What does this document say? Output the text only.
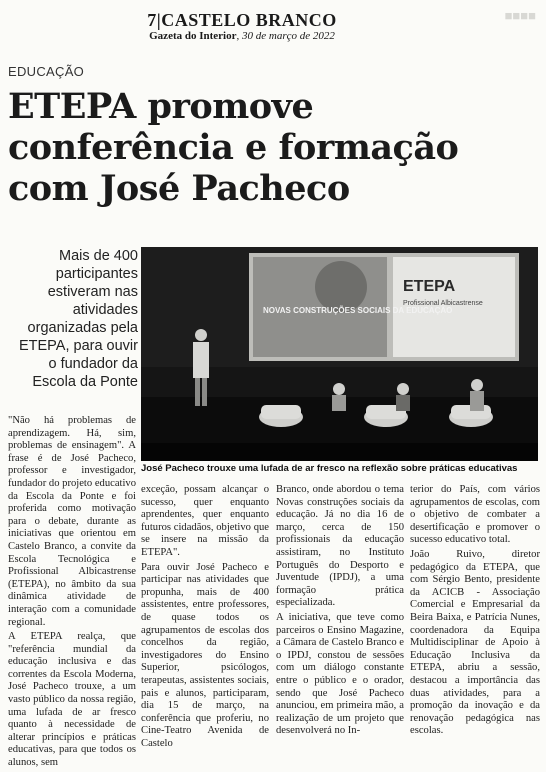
■■■■

7|CASTELO BRANCO
Gazeta do Interior, 30 de março de 2022
EDUCAÇÃO
ETEPA promove
conferência e formação
com José Pacheco
Mais de 400 participantes estiveram nas atividades organizadas pela ETEPA, para ouvir o fundador da Escola da Ponte
NOVAS CONSTRUÇÕES SOCIAIS DA EDUCAÇÃO
ETEPA
Profissional Albicastrense
José Pacheco trouxe uma lufada de ar fresco na reflexão sobre práticas educativas

"Não há problemas de aprendizagem. Há, sim, problemas de ensinagem". A frase é de José Pacheco, professor e investigador, fundador do projeto educativo da Escola da Ponte e foi proferida como motivação para o debate, durante as iniciativas que orientou em Castelo Branco, a convite da Escola Tecnológica e Profissional Albicastrense (ETEPA), no âmbito da sua dinâmica atividade de interação com a comunidade regional.

A ETEPA realça, que "referência mundial da educação inclusiva e das correntes da Escola Moderna, José Pacheco trouxe, a um vasto público da nossa região, uma lufada de ar fresco quanto à necessidade de alterar princípios e práticas educativas, para que todos os alunos, sem

exceção, possam alcançar o sucesso, quer enquanto aprendentes, quer enquanto futuros cidadãos, objetivo que se insere na missão da ETEPA".

Para ouvir José Pacheco e participar nas atividades que propunha, mais de 400 assistentes, entre professores, de quase todos os agrupamentos de escolas dos concelhos da região, investigadores do Ensino Superior, psicólogos, terapeutas, assistentes sociais, pais e alunos, participaram, dia 15 de março, na conferência que proferiu, no Cine-Teatro Avenida de Castelo

Branco, onde abordou o tema Novas construções sociais da educação. Já no dia 16 de março, cerca de 150 profissionais da educação assistiram, no Instituto Português do Desporto e Juventude (IPDJ), a uma formação prática especializada.

A iniciativa, que teve como parceiros o Ensino Magazine, a Câmara de Castelo Branco e o IPDJ, constou de sessões com um diálogo constante entre o público e o orador, sendo que José Pacheco anunciou, em primeira mão, a realização de um projeto que desenvolverá no In-

terior do País, com vários agrupamentos de escolas, com o objetivo de combater a desertificação e promover o sucesso educativo total.

João Ruivo, diretor pedagógico da ETEPA, que com Sérgio Bento, presidente da ACICB - Associação Comercial e Empresarial da Beira Baixa, e Patrícia Nunes, coordenadora da Equipa Multidisciplinar de Apoio à Educação Inclusiva da ETEPA, abriu a sessão, destacou a importância das duas atividades, para a promoção da inovação e da renovação pedagógica nas escolas.
